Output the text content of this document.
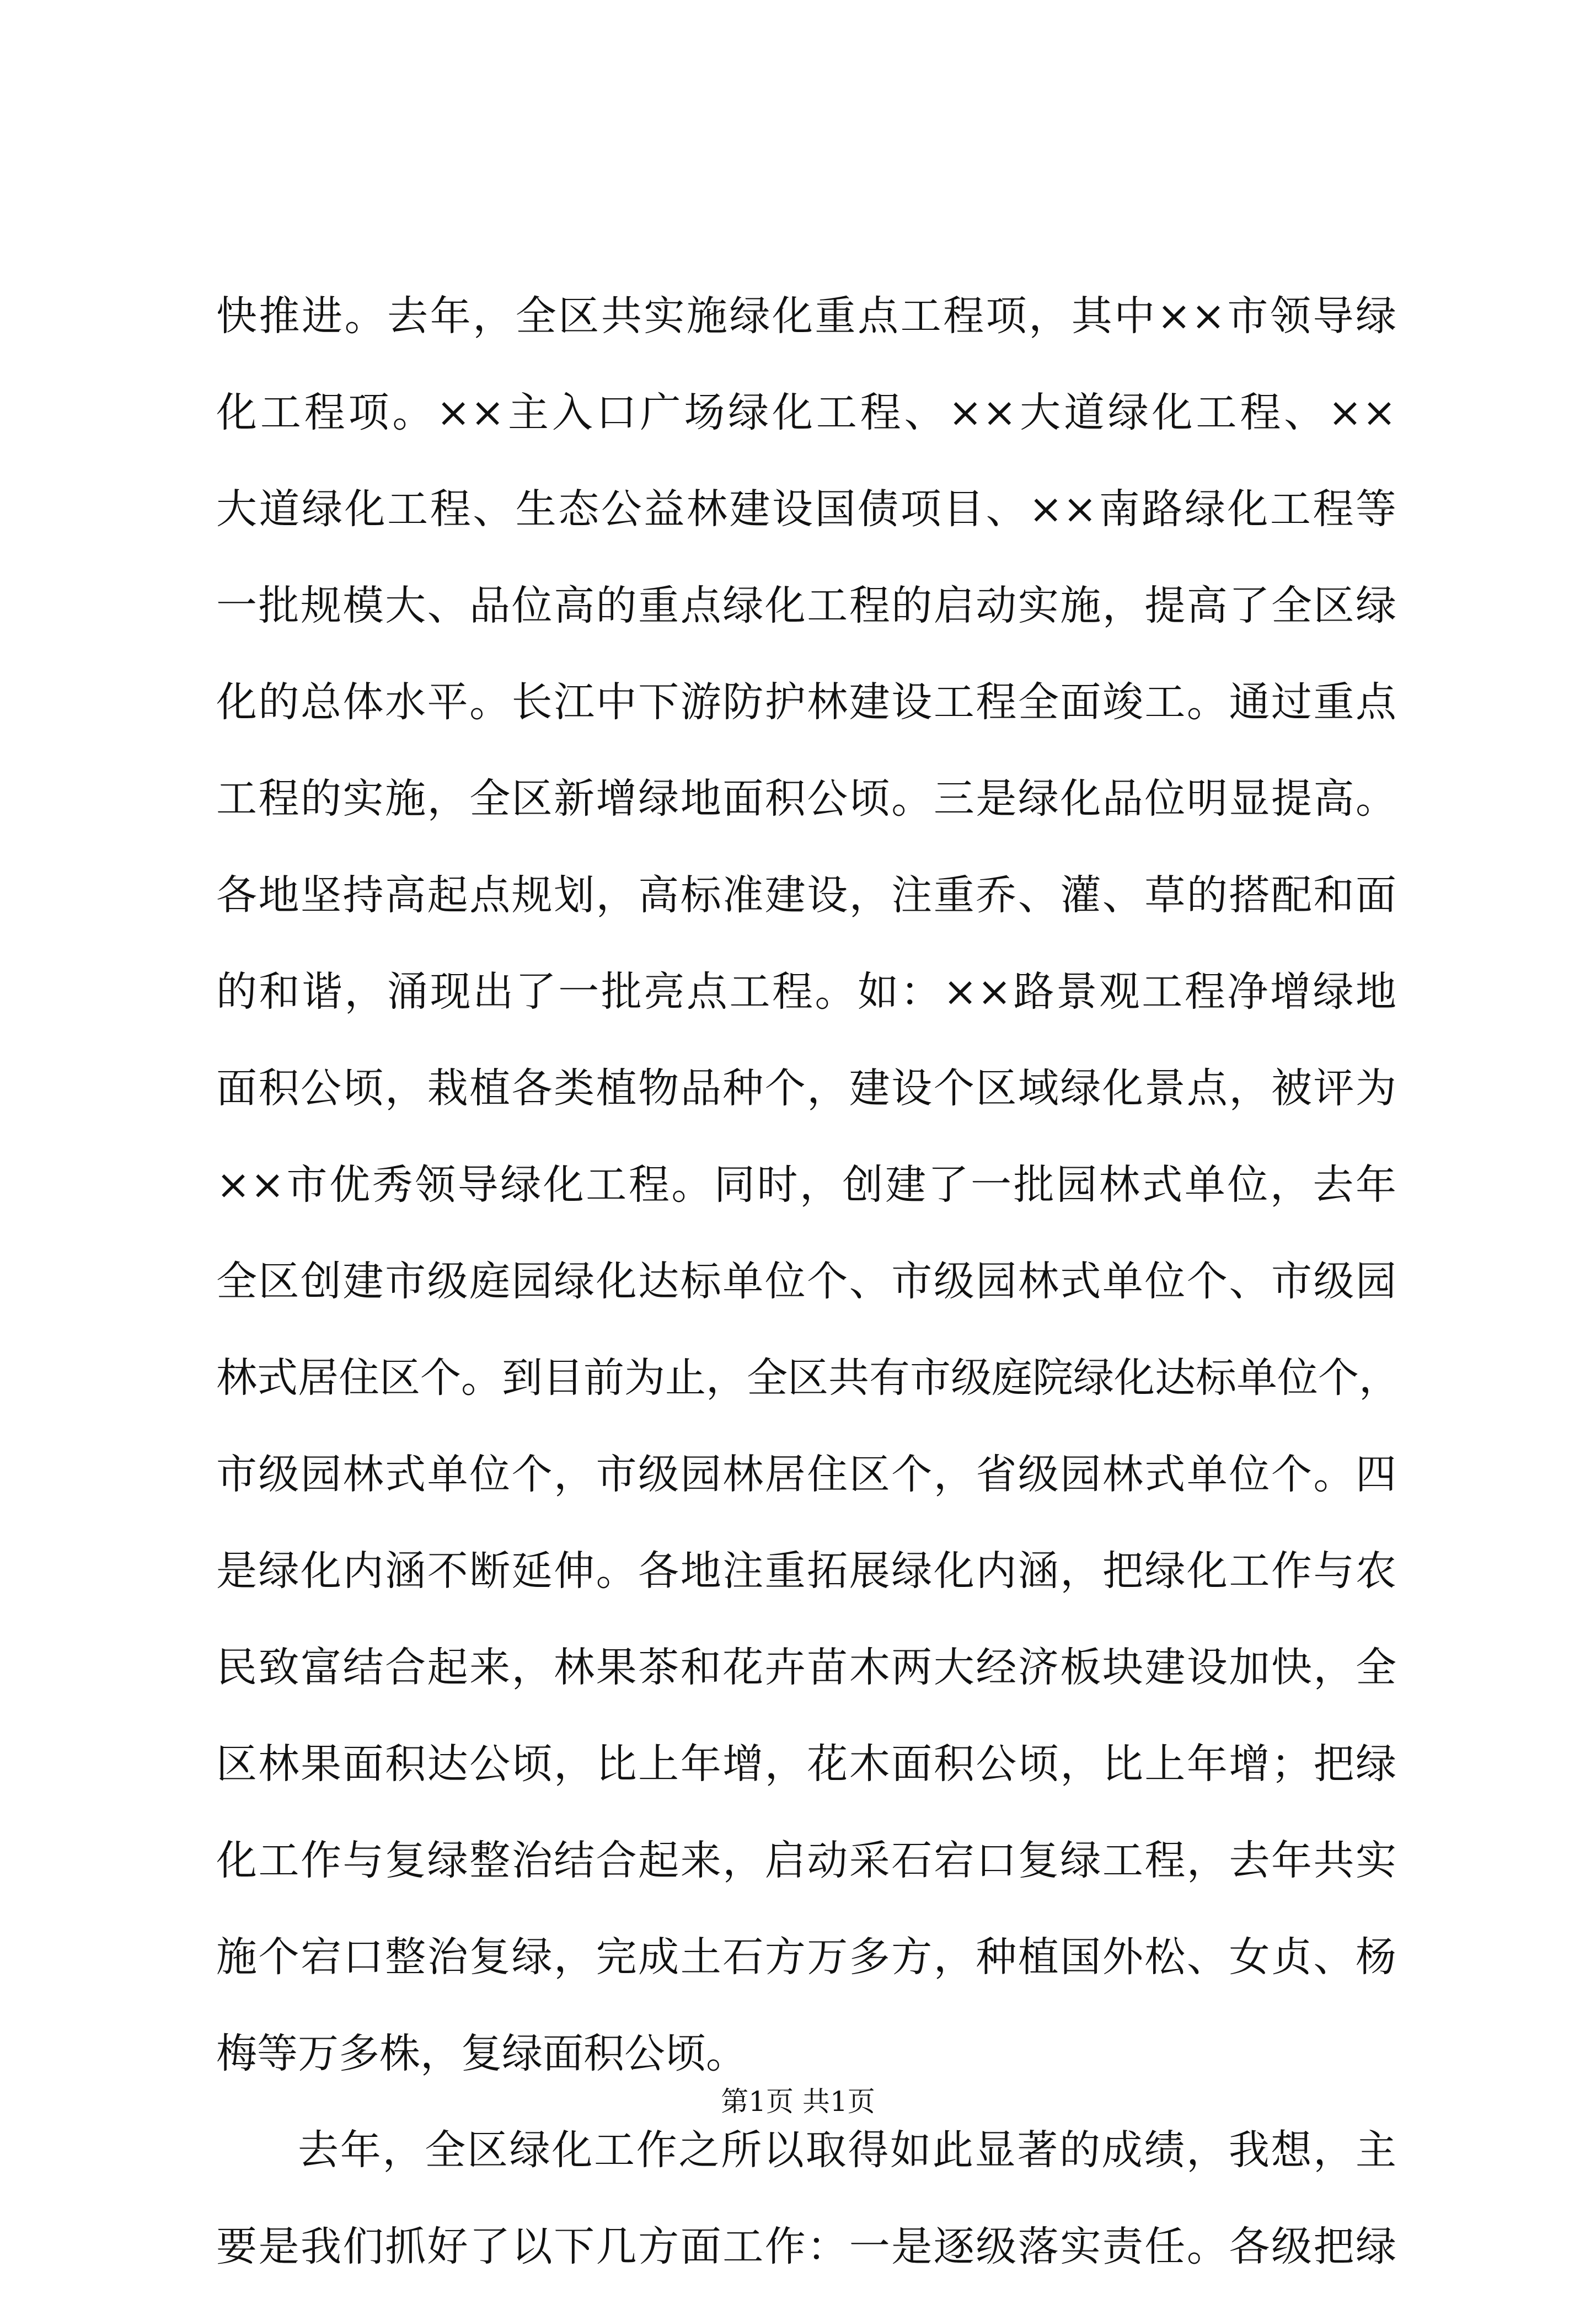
快推进。去年，全区共实施绿化重点工程项，其中××市领导绿
化工程项。××主入口广场绿化工程、××大道绿化工程、××
大道绿化工程、生态公益林建设国债项目、××南路绿化工程等
一批规模大、品位高的重点绿化工程的启动实施，提高了全区绿
化的总体水平。长江中下游防护林建设工程全面竣工。通过重点
工程的实施，全区新增绿地面积公顷。三是绿化品位明显提高。
各地坚持高起点规划，高标准建设，注重乔、灌、草的搭配和面
的和谐，涌现出了一批亮点工程。如：××路景观工程净增绿地
面积公顷，栽植各类植物品种个，建设个区域绿化景点，被评为
××市优秀领导绿化工程。同时，创建了一批园林式单位，去年
全区创建市级庭园绿化达标单位个、市级园林式单位个、市级园
林式居住区个。到目前为止，全区共有市级庭院绿化达标单位个，
市级园林式单位个，市级园林居住区个，省级园林式单位个。四
是绿化内涵不断延伸。各地注重拓展绿化内涵，把绿化工作与农
民致富结合起来，林果茶和花卉苗木两大经济板块建设加快，全
区林果面积达公顷，比上年增，花木面积公顷，比上年增；把绿
化工作与复绿整治结合起来，启动采石宕口复绿工程，去年共实
施个宕口整治复绿，完成土石方万多方，种植国外松、女贞、杨
梅等万多株，复绿面积公顷。
去年，全区绿化工作之所以取得如此显著的成绩，我想，主
要是我们抓好了以下几方面工作：一是逐级落实责任。各级把绿
第1页 共1页
